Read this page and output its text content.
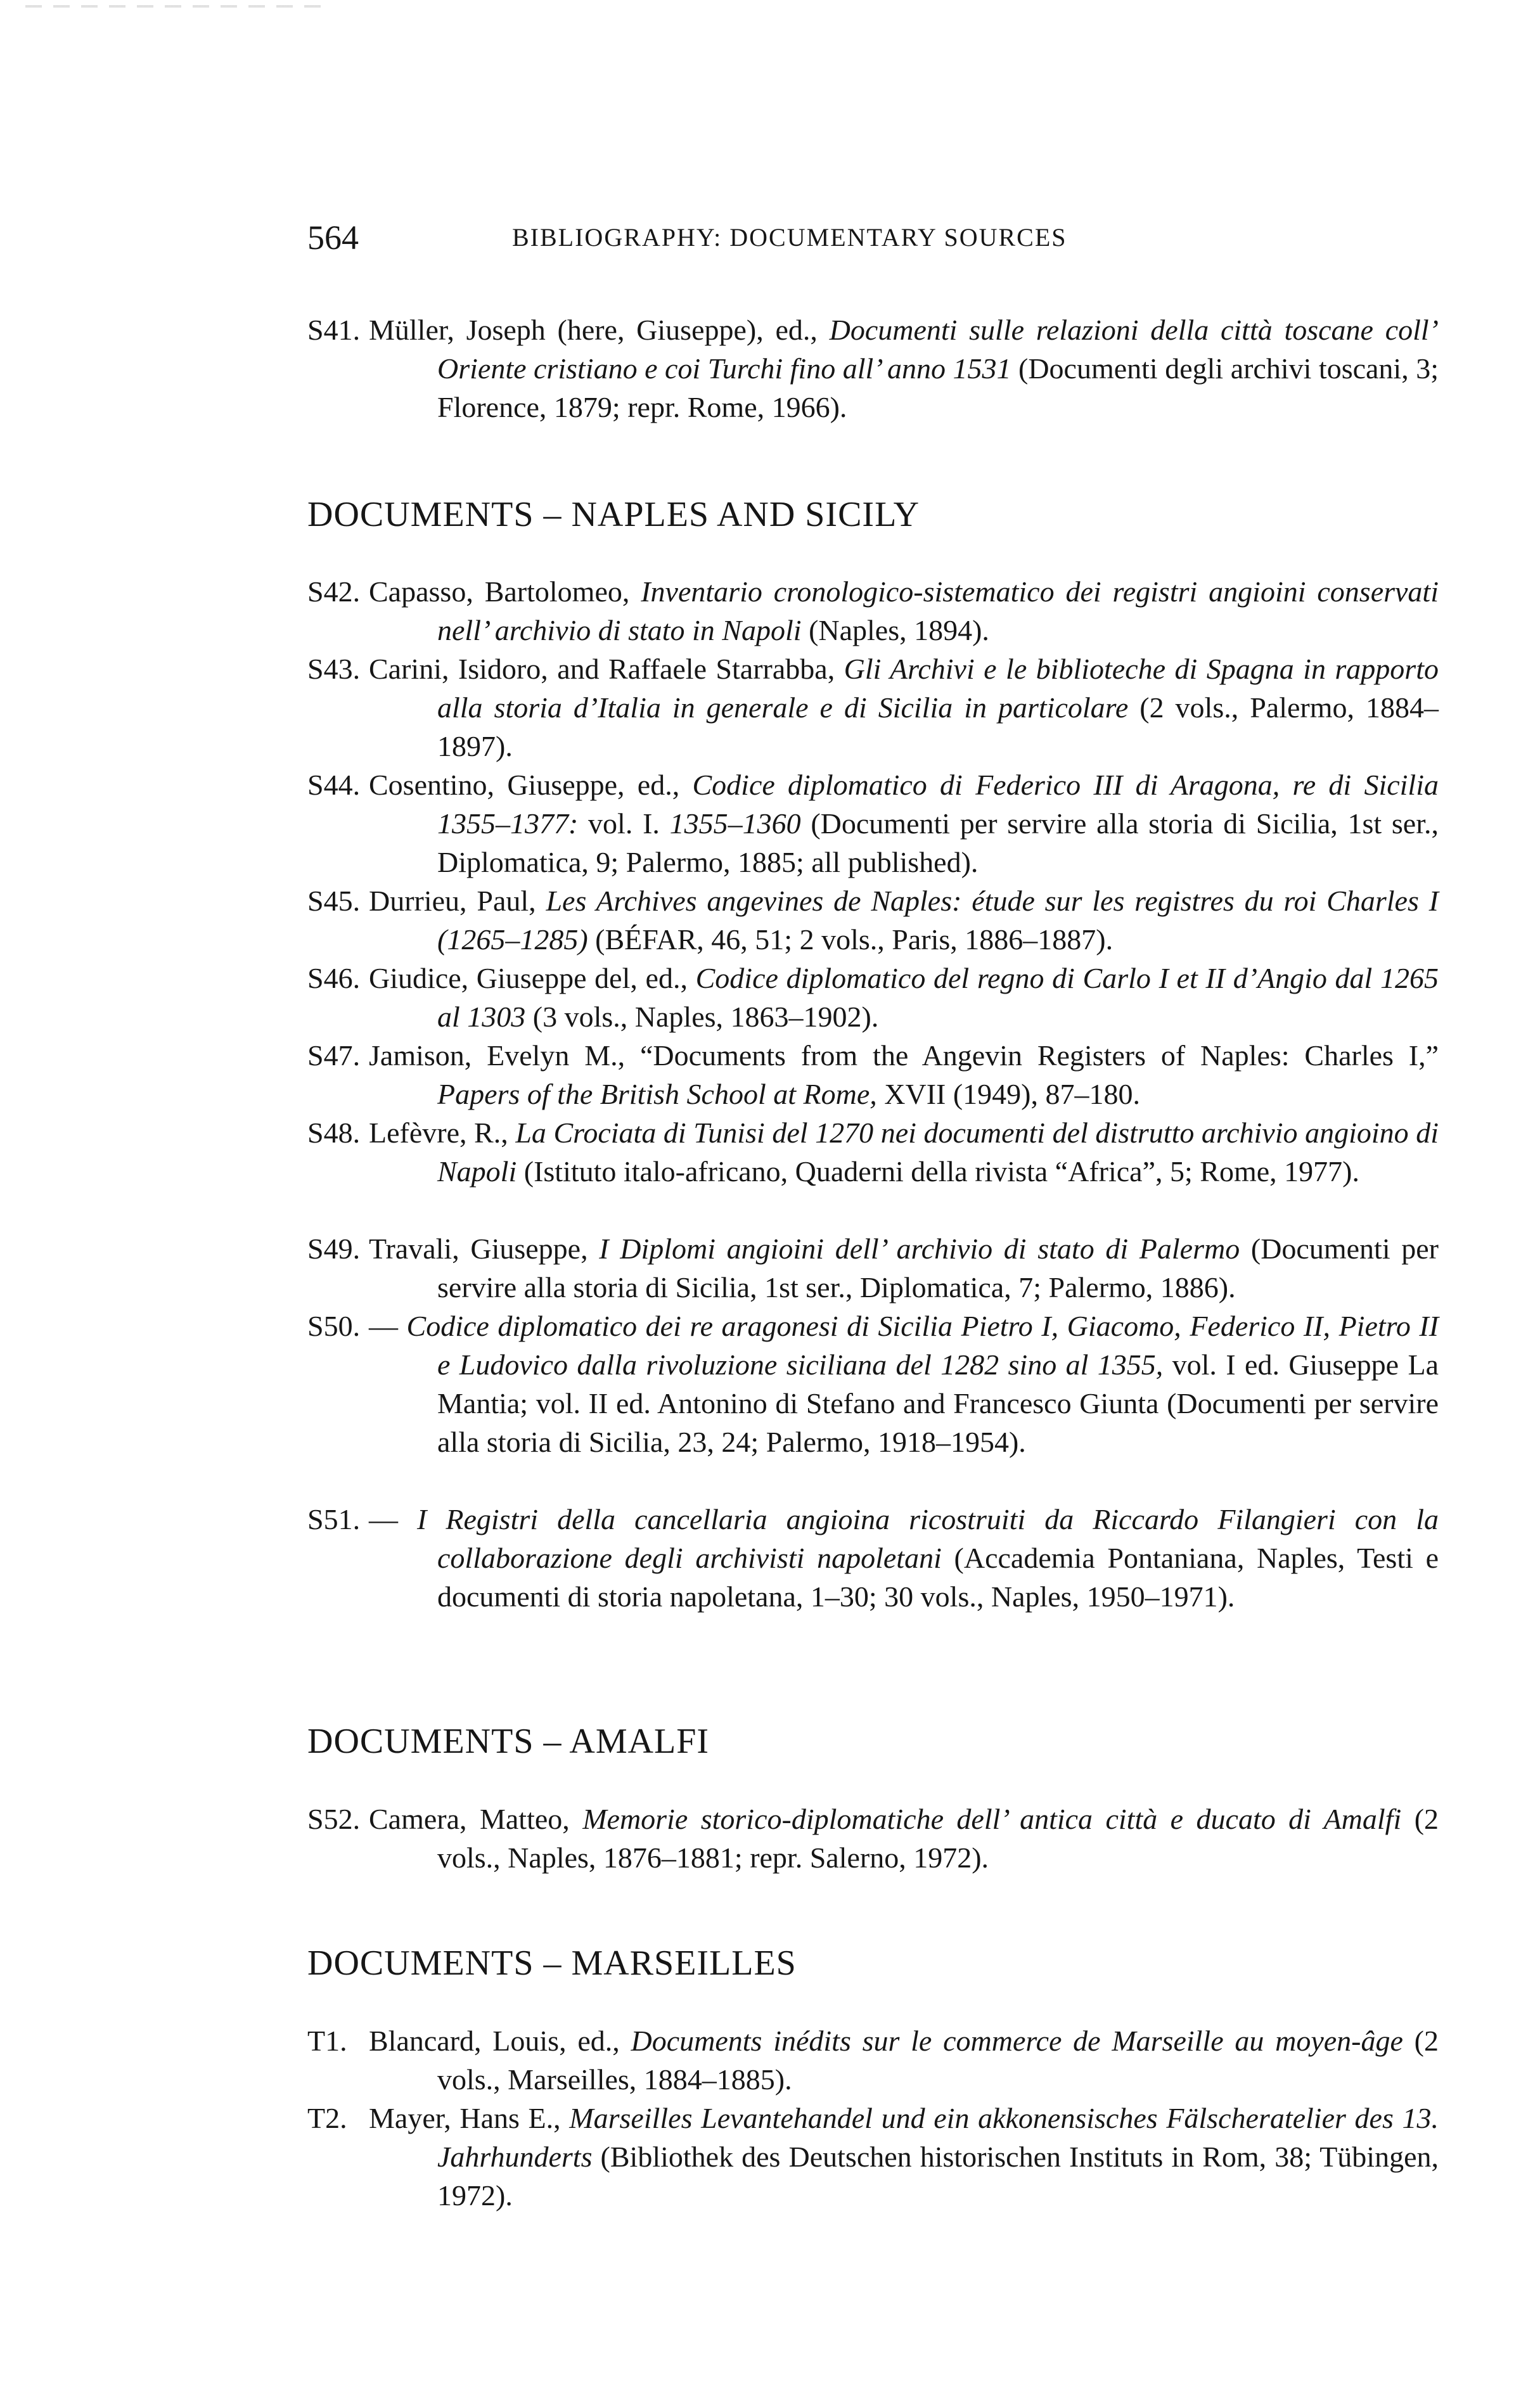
564	BIBLIOGRAPHY: DOCUMENTARY SOURCES
S41. Müller, Joseph (here, Giuseppe), ed., Documenti sulle relazioni della città toscane coll’ Oriente cristiano e coi Turchi fino all’ anno 1531 (Documenti degli archivi toscani, 3; Florence, 1879; repr. Rome, 1966).
DOCUMENTS – NAPLES AND SICILY
S42. Capasso, Bartolomeo, Inventario cronologico-sistematico dei registri angioini conservati nell’ archivio di stato in Napoli (Naples, 1894).
S43. Carini, Isidoro, and Raffaele Starrabba, Gli Archivi e le biblioteche di Spagna in rapporto alla storia d’Italia in generale e di Sicilia in particolare (2 vols., Palermo, 1884–1897).
S44. Cosentino, Giuseppe, ed., Codice diplomatico di Federico III di Aragona, re di Sicilia 1355–1377: vol. I. 1355–1360 (Documenti per servire alla storia di Sicilia, 1st ser., Diplomatica, 9; Palermo, 1885; all published).
S45. Durrieu, Paul, Les Archives angevines de Naples: étude sur les registres du roi Charles I (1265–1285) (BÉFAR, 46, 51; 2 vols., Paris, 1886–1887).
S46. Giudice, Giuseppe del, ed., Codice diplomatico del regno di Carlo I et II d’Angio dal 1265 al 1303 (3 vols., Naples, 1863–1902).
S47. Jamison, Evelyn M., “Documents from the Angevin Registers of Naples: Charles I,” Papers of the British School at Rome, XVII (1949), 87–180.
S48. Lefèvre, R., La Crociata di Tunisi del 1270 nei documenti del distrutto archivio angioino di Napoli (Istituto italo-africano, Quaderni della rivista “Africa”, 5; Rome, 1977).
S49. Travali, Giuseppe, I Diplomi angioini dell’ archivio di stato di Palermo (Documenti per servire alla storia di Sicilia, 1st ser., Diplomatica, 7; Palermo, 1886).
S50. — Codice diplomatico dei re aragonesi di Sicilia Pietro I, Giacomo, Federico II, Pietro II e Ludovico dalla rivoluzione siciliana del 1282 sino al 1355, vol. I ed. Giuseppe La Mantia; vol. II ed. Antonino di Stefano and Francesco Giunta (Documenti per servire alla storia di Sicilia, 23, 24; Palermo, 1918–1954).
S51. — I Registri della cancellaria angioina ricostruiti da Riccardo Filangieri con la collaborazione degli archivisti napoletani (Accademia Pontaniana, Naples, Testi e documenti di storia napoletana, 1–30; 30 vols., Naples, 1950–1971).
DOCUMENTS – AMALFI
S52. Camera, Matteo, Memorie storico-diplomatiche dell’ antica città e ducato di Amalfi (2 vols., Naples, 1876–1881; repr. Salerno, 1972).
DOCUMENTS – MARSEILLES
T1. Blancard, Louis, ed., Documents inédits sur le commerce de Marseille au moyen-âge (2 vols., Marseilles, 1884–1885).
T2. Mayer, Hans E., Marseilles Levantehandel und ein akkonensisches Fälscheratelier des 13. Jahrhunderts (Bibliothek des Deutschen historischen Instituts in Rom, 38; Tübingen, 1972).
